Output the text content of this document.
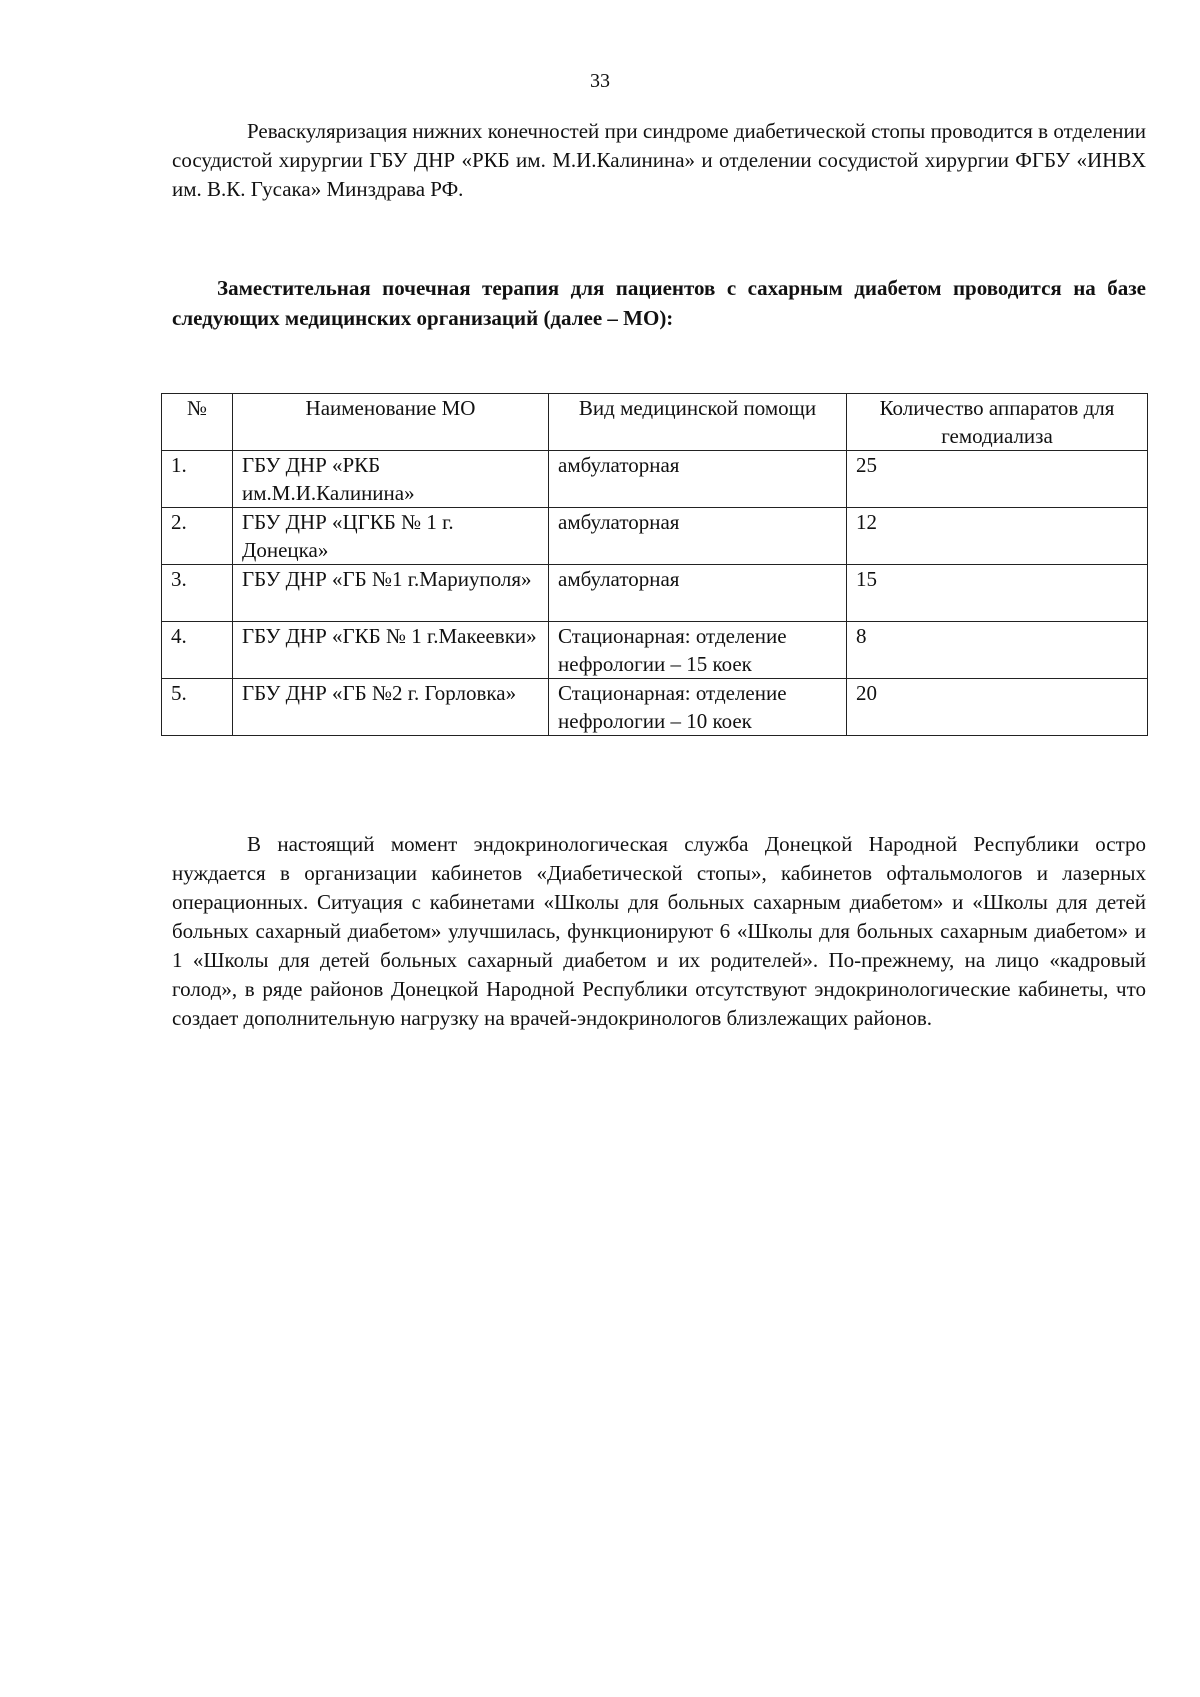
33

Реваскуляризация нижних конечностей при синдроме диабетической стопы проводится в отделении сосудистой хирургии ГБУ ДНР «РКБ им. М.И.Калинина» и отделении сосудистой хирургии ФГБУ «ИНВХ им. В.К. Гусака» Минздрава РФ.

Заместительная почечная терапия для пациентов с сахарным диабетом проводится на базе следующих медицинских организаций (далее – МО):

№	Наименование МО	Вид медицинской помощи	Количество аппаратов для гемодиализа
1.	ГБУ ДНР «РКБ им.М.И.Калинина»	амбулаторная	25
2.	ГБУ ДНР «ЦГКБ № 1 г. Донецка»	амбулаторная	12
3.	ГБУ ДНР «ГБ №1 г.Мариуполя»	амбулаторная	15
4.	ГБУ ДНР «ГКБ № 1 г.Макеевки»	Стационарная: отделение нефрологии – 15 коек	8
5.	ГБУ ДНР «ГБ №2 г. Горловка»	Стационарная: отделение нефрологии – 10 коек	20

В настоящий момент эндокринологическая служба Донецкой Народной Республики остро нуждается в организации кабинетов «Диабетической стопы», кабинетов офтальмологов и лазерных операционных. Ситуация с кабинетами «Школы для больных сахарным диабетом» и «Школы для детей больных сахарный диабетом» улучшилась, функционируют 6 «Школы для больных сахарным диабетом» и 1 «Школы для детей больных сахарный диабетом и их родителей». По-прежнему, на лицо «кадровый голод», в ряде районов Донецкой Народной Республики отсутствуют эндокринологические кабинеты, что создает дополнительную нагрузку на врачей-эндокринологов близлежащих районов.
